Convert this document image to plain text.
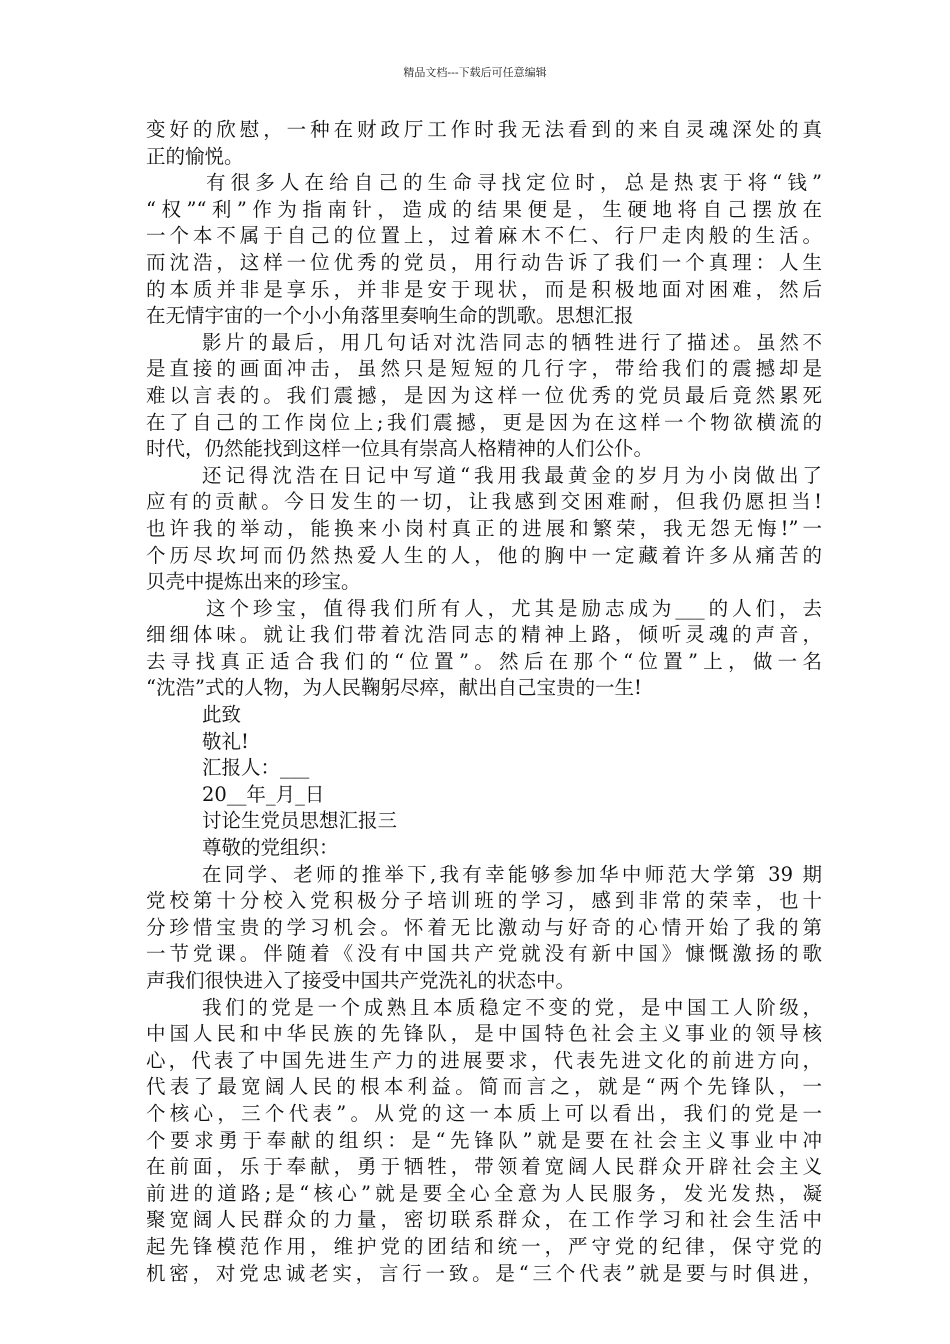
精品文档---下载后可任意编辑
变好的欣慰，一种在财政厅工作时我无法看到的来自灵魂深处的真
正的愉悦。
有很多人在给自己的生命寻找定位时，总是热衷于将“钱”
“权”“利”作为指南针，造成的结果便是，生硬地将自己摆放在
一个本不属于自己的位置上，过着麻木不仁、行尸走肉般的生活。
而沈浩，这样一位优秀的党员，用行动告诉了我们一个真理：人生
的本质并非是享乐，并非是安于现状，而是积极地面对困难，然后
在无情宇宙的一个小小角落里奏响生命的凯歌。思想汇报
影片的最后，用几句话对沈浩同志的牺牲进行了描述。虽然不
是直接的画面冲击，虽然只是短短的几行字，带给我们的震撼却是
难以言表的。我们震撼，是因为这样一位优秀的党员最后竟然累死
在了自己的工作岗位上;我们震撼，更是因为在这样一个物欲横流的
时代，仍然能找到这样一位具有崇高人格精神的人们公仆。
还记得沈浩在日记中写道“我用我最黄金的岁月为小岗做出了
应有的贡献。今日发生的一切，让我感到交困难耐，但我仍愿担当!
也许我的举动，能换来小岗村真正的进展和繁荣，我无怨无悔!”一
个历尽坎坷而仍然热爱人生的人，他的胸中一定藏着许多从痛苦的
贝壳中提炼出来的珍宝。
这个珍宝，值得我们所有人，尤其是励志成为___的人们，去
细细体味。就让我们带着沈浩同志的精神上路，倾听灵魂的声音，
去寻找真正适合我们的“位置”。然后在那个“位置”上，做一名
“沈浩”式的人物，为人民鞠躬尽瘁，献出自己宝贵的一生!
此致
敬礼!
汇报人：___
20__年_月_日
讨论生党员思想汇报三
尊敬的党组织：
在同学、老师的推举下,我有幸能够参加华中师范大学第 39 期
党校第十分校入党积极分子培训班的学习，感到非常的荣幸，也十
分珍惜宝贵的学习机会。怀着无比激动与好奇的心情开始了我的第
一节党课。伴随着《没有中国共产党就没有新中国》慷慨激扬的歌
声我们很快进入了接受中国共产党洗礼的状态中。
我们的党是一个成熟且本质稳定不变的党，是中国工人阶级，
中国人民和中华民族的先锋队，是中国特色社会主义事业的领导核
心，代表了中国先进生产力的进展要求，代表先进文化的前进方向，
代表了最宽阔人民的根本利益。简而言之，就是“两个先锋队，一
个核心，三个代表”。从党的这一本质上可以看出，我们的党是一
个要求勇于奉献的组织：是“先锋队”就是要在社会主义事业中冲
在前面，乐于奉献，勇于牺牲，带领着宽阔人民群众开辟社会主义
前进的道路;是“核心”就是要全心全意为人民服务，发光发热，凝
聚宽阔人民群众的力量，密切联系群众，在工作学习和社会生活中
起先锋模范作用，维护党的团结和统一，严守党的纪律，保守党的
机密，对党忠诚老实，言行一致。是“三个代表”就是要与时俱进，
